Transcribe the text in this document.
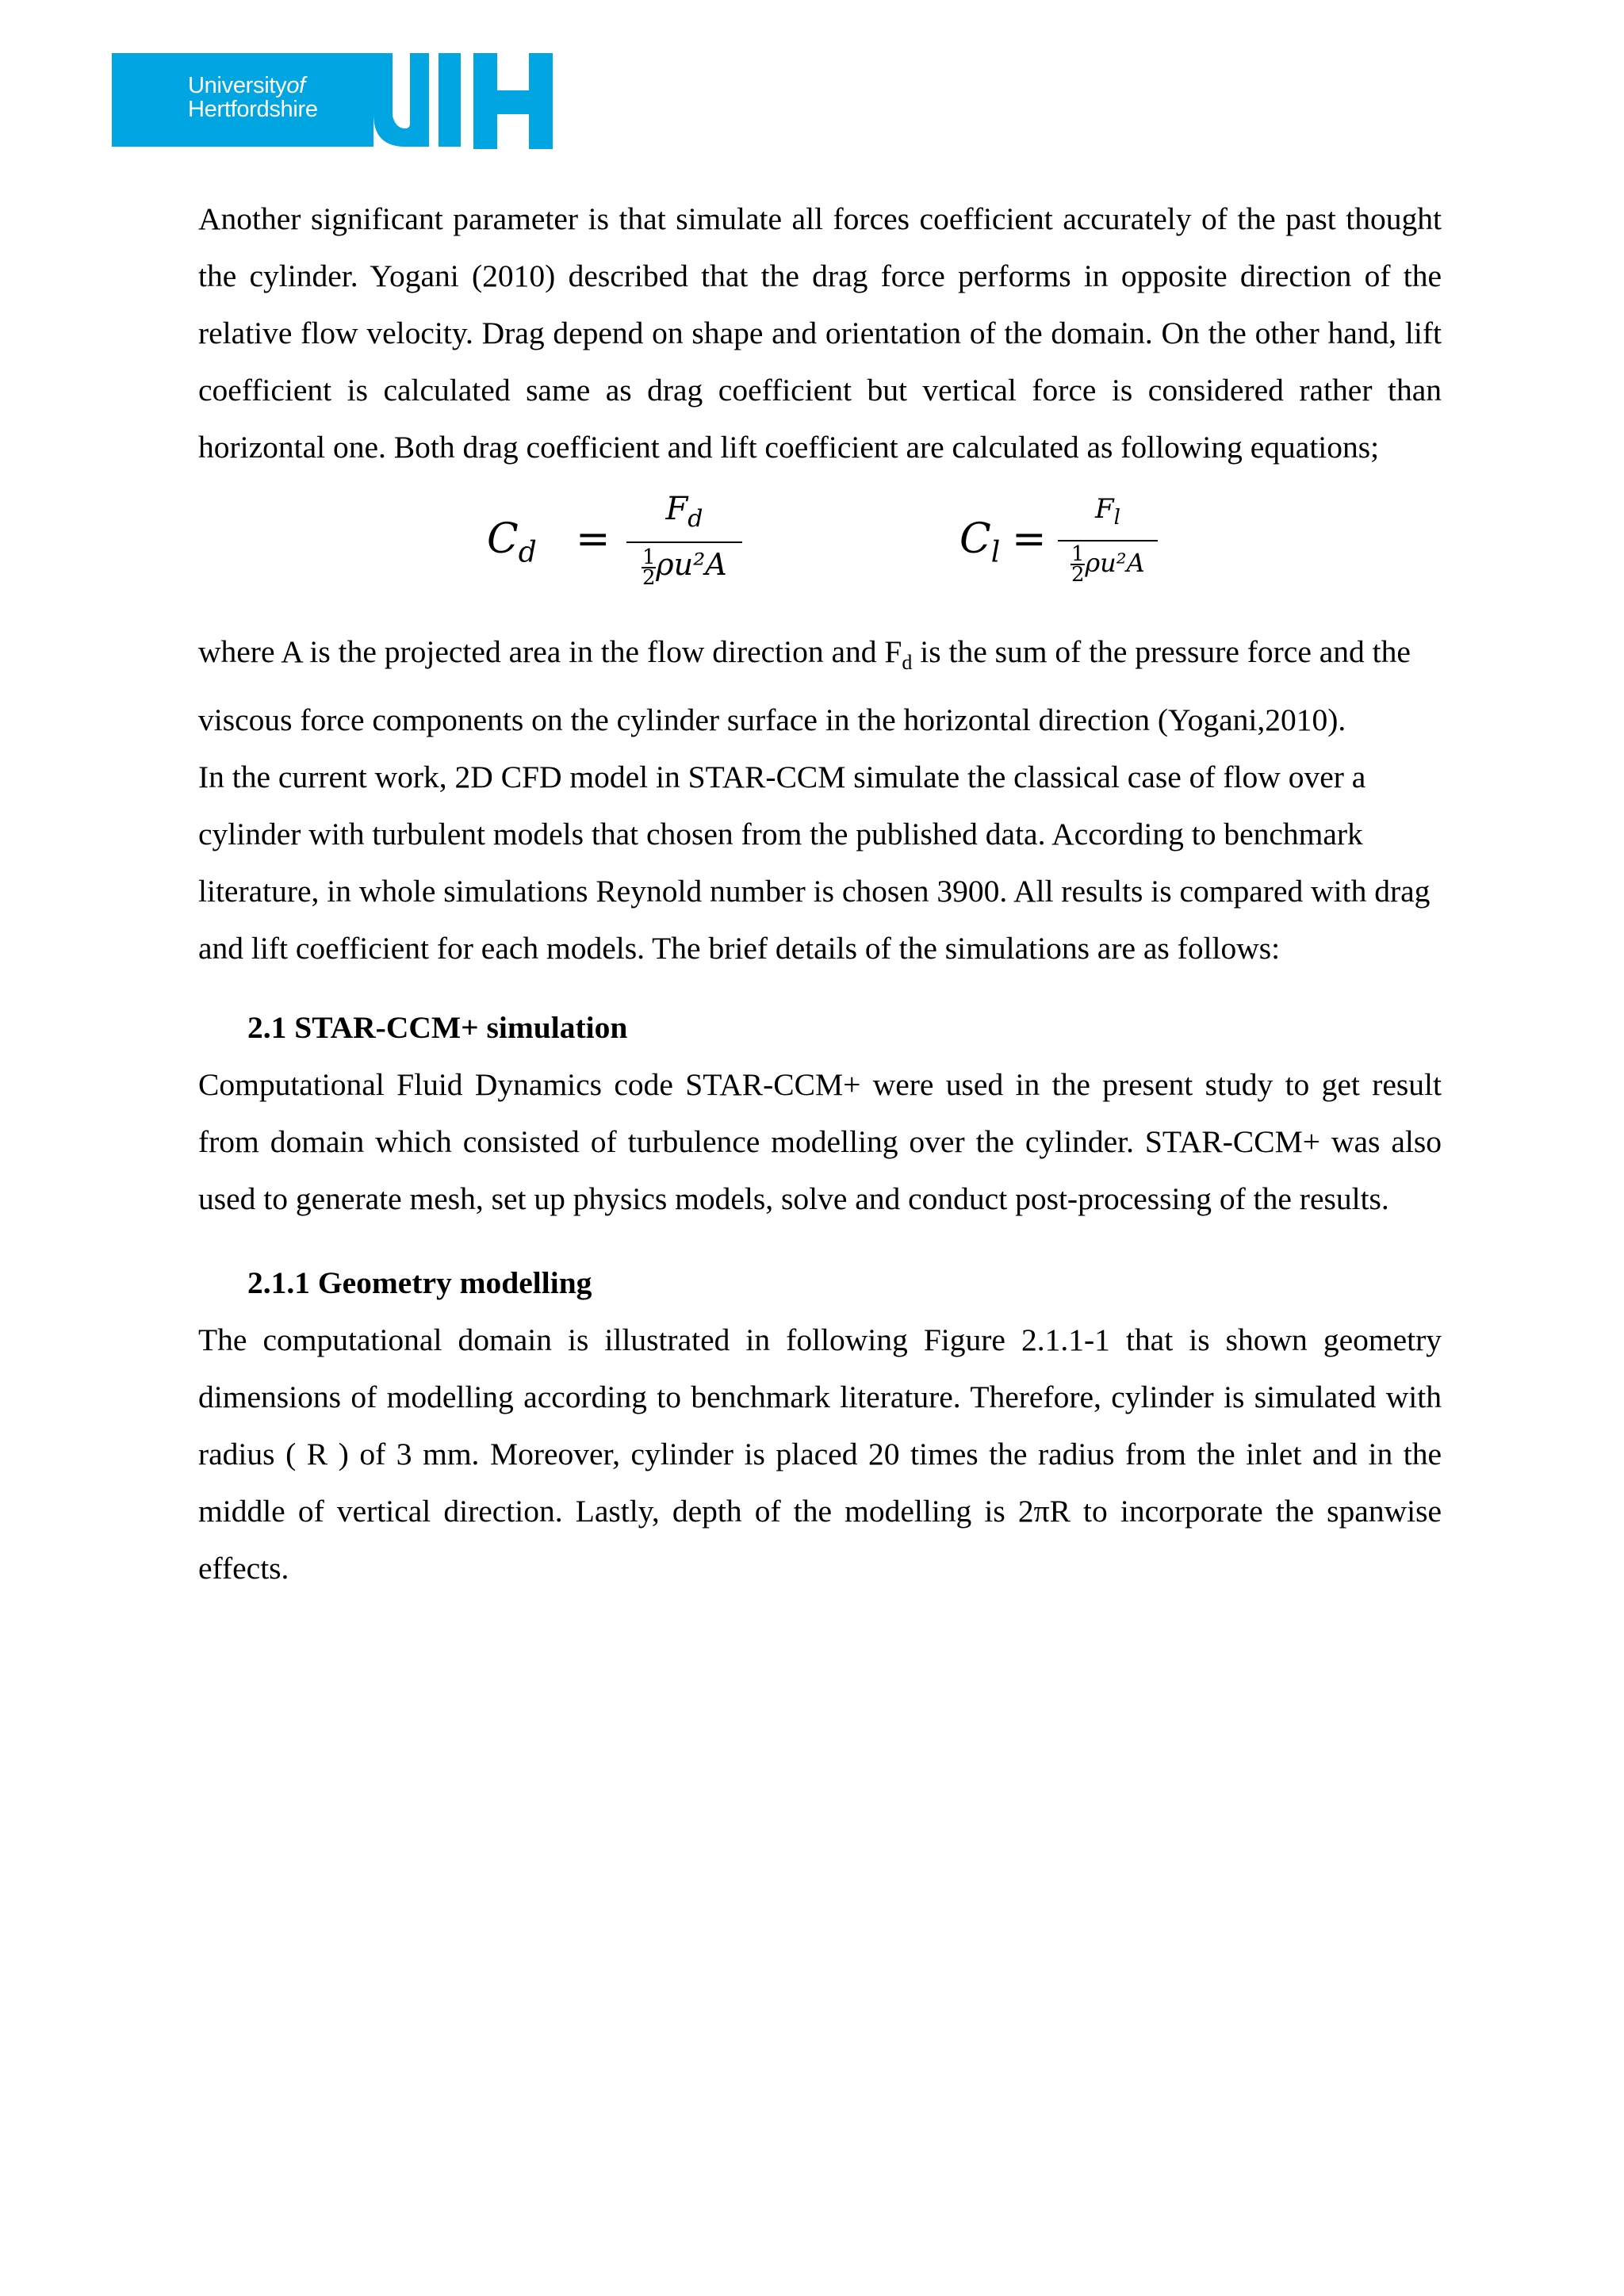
Universityof
Hertfordshire

Another significant parameter is that simulate all forces coefficient accurately of the past thought the cylinder. Yogani (2010) described that the drag force performs in opposite direction of the relative flow velocity. Drag depend on shape and orientation of the domain. On the other hand, lift coefficient is calculated same as drag coefficient but vertical force is considered rather than horizontal one. Both drag coefficient and lift coefficient are calculated as following equations;

$C_d$ =
$F_d$
$\frac{1}{2} \rho u^2A$
$C_l$ =
$F_l$
$\frac{1}{2} \rho u^2A$

where A is the projected area in the flow direction and $F_d$ is the sum of the pressure force and the viscous force components on the cylinder surface in the horizontal direction (Yogani,2010).

In the current work, 2D CFD model in STAR-CCM simulate the classical case of flow over a cylinder with turbulent models that chosen from the published data. According to benchmark literature, in whole simulations Reynold number is chosen 3900. All results is compared with drag and lift coefficient for each models. The brief details of the simulations are as follows:

2.1 STAR-CCM+ simulation

Computational Fluid Dynamics code STAR-CCM+ were used in the present study to get result from domain which consisted of turbulence modelling over the cylinder. STAR-CCM+ was also used to generate mesh, set up physics models, solve and conduct post-processing of the results.

2.1.1 Geometry modelling

The computational domain is illustrated in following Figure 2.1.1-1 that is shown geometry dimensions of modelling according to benchmark literature. Therefore, cylinder is simulated with radius ( R ) of 3 mm. Moreover, cylinder is placed 20 times the radius from the inlet and in the middle of vertical direction. Lastly, depth of the modelling is 2πR to incorporate the spanwise effects.
